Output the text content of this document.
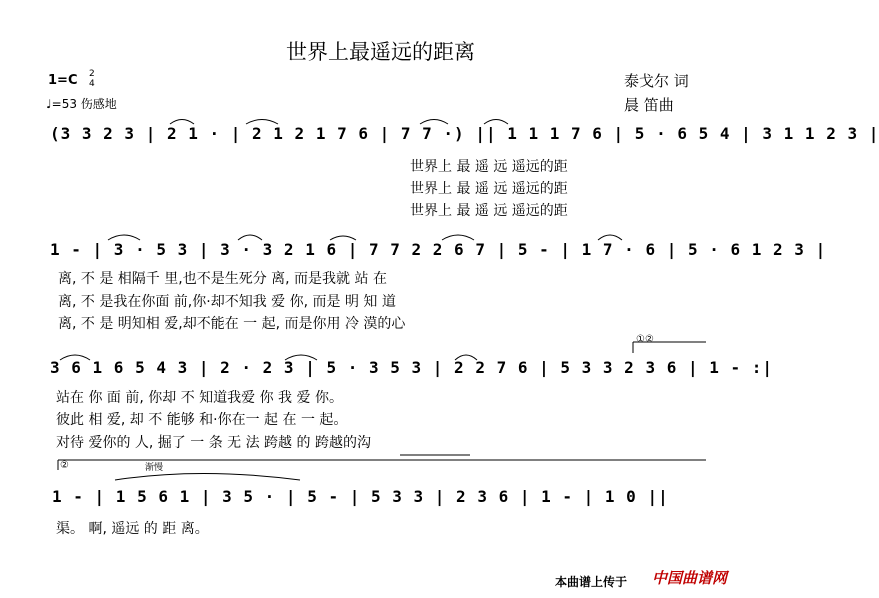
世界上最遥远的距离
1=C 2
4
♩=53 伤感地
泰戈尔 词
晨 笛曲
①②
②	渐慢
(3 3 2 3 | 2 1 · | 2 1 2 1 7 6 | 7 7 ·) || 1 1 1 7 6 | 5 · 6 5 4 | 3 1 1 2 3 |
世界上 最 遥 远 遥远的距
世界上 最 遥 远 遥远的距
世界上 最 遥 远 遥远的距
1 - | 3 · 5 3 | 3 · 3 2 1 6 | 7 7 2 2 6 7 | 5 - | 1 7 · 6 | 5 · 6 1 2 3 |
离, 不 是 相隔千 里,也不是生死分 离, 而是我就 站 在
离, 不 是我在你面 前,你·却不知我 爱 你, 而是 明 知 道
离, 不 是 明知相 爱,却不能在 一 起, 而是你用 冷 漠的心
3 6 1 6 5 4 3 | 2 · 2 3 | 5 · 3 5 3 | 2 2 7 6 | 5 3 3 2 3 6 | 1 - :|
站在 你 面 前, 你却 不 知道我爱 你 我 爱 你。
彼此 相 爱, 却 不 能够 和·你在一 起 在 一 起。
对待 爱你的 人, 掘了 一 条 无 法 跨越 的 跨越的沟
1 - | 1 5 6 1 | 3 5 · | 5 - | 5 3 3 | 2 3 6 | 1 - | 1 0 ||
渠。 啊, 遥远 的 距 离。
本曲谱上传于 中国曲谱网
